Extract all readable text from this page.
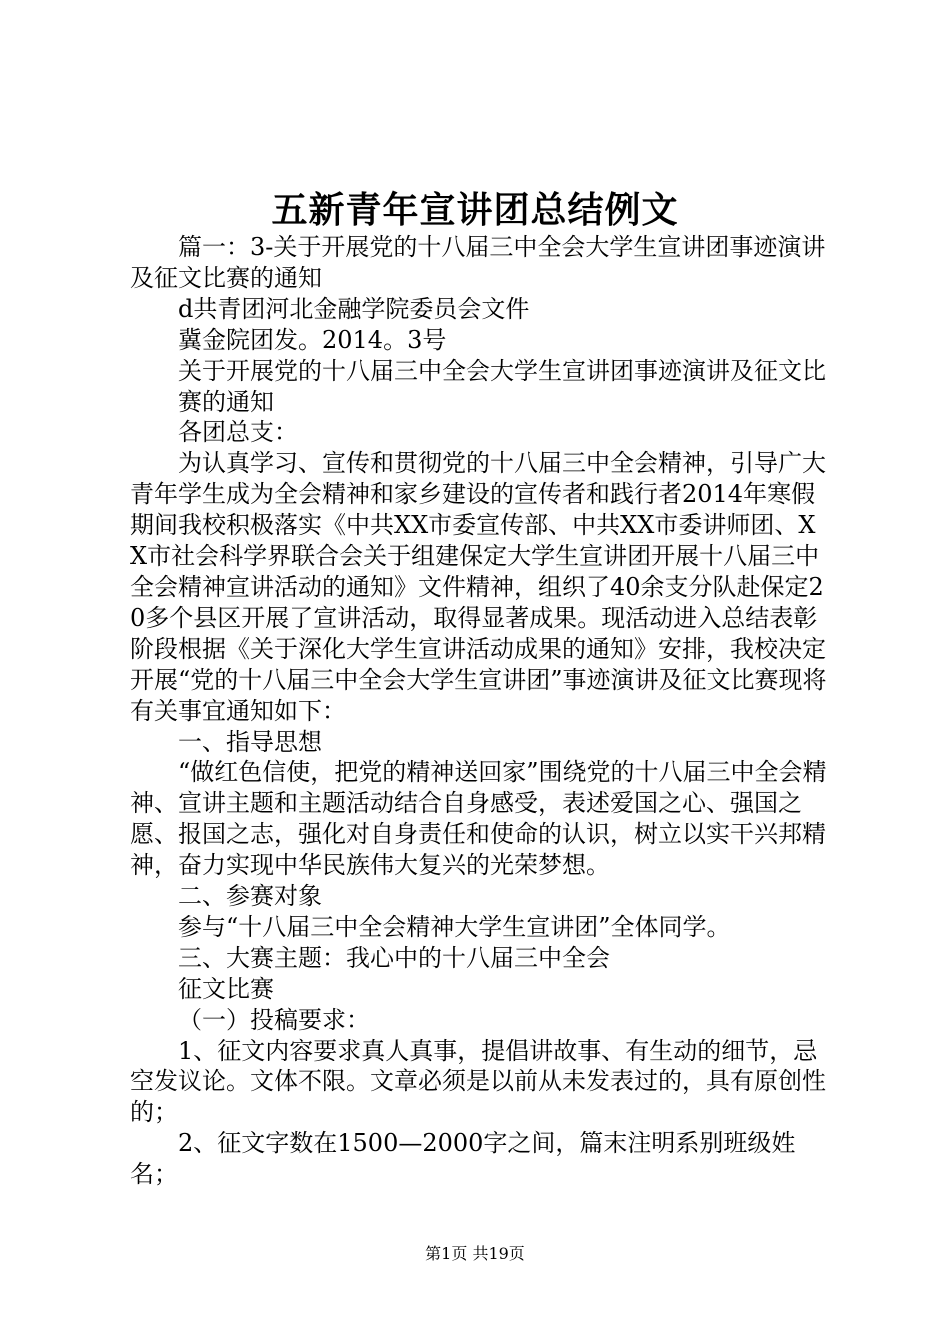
五新青年宣讲团总结例文

篇一：3-关于开展党的十八届三中全会大学生宣讲团事迹演讲及征文比赛的通知

d共青团河北金融学院委员会文件

冀金院团发。2014。3号

关于开展党的十八届三中全会大学生宣讲团事迹演讲及征文比赛的通知

各团总支：

为认真学习、宣传和贯彻党的十八届三中全会精神，引导广大青年学生成为全会精神和家乡建设的宣传者和践行者2014年寒假期间我校积极落实《中共XX市委宣传部、中共XX市委讲师团、XX市社会科学界联合会关于组建保定大学生宣讲团开展十八届三中全会精神宣讲活动的通知》文件精神，组织了40余支分队赴保定20多个县区开展了宣讲活动，取得显著成果。现活动进入总结表彰阶段根据《关于深化大学生宣讲活动成果的通知》安排，我校决定开展“党的十八届三中全会大学生宣讲团”事迹演讲及征文比赛现将有关事宜通知如下：

一、指导思想

“做红色信使，把党的精神送回家”围绕党的十八届三中全会精神、宣讲主题和主题活动结合自身感受，表述爱国之心、强国之愿、报国之志，强化对自身责任和使命的认识，树立以实干兴邦精神，奋力实现中华民族伟大复兴的光荣梦想。

二、参赛对象

参与“十八届三中全会精神大学生宣讲团”全体同学。

三、大赛主题：我心中的十八届三中全会

征文比赛

（一）投稿要求：

1、征文内容要求真人真事，提倡讲故事、有生动的细节，忌空发议论。文体不限。文章必须是以前从未发表过的，具有原创性的；

2、征文字数在1500—2000字之间，篇末注明系别班级姓名；

第1页 共19页
